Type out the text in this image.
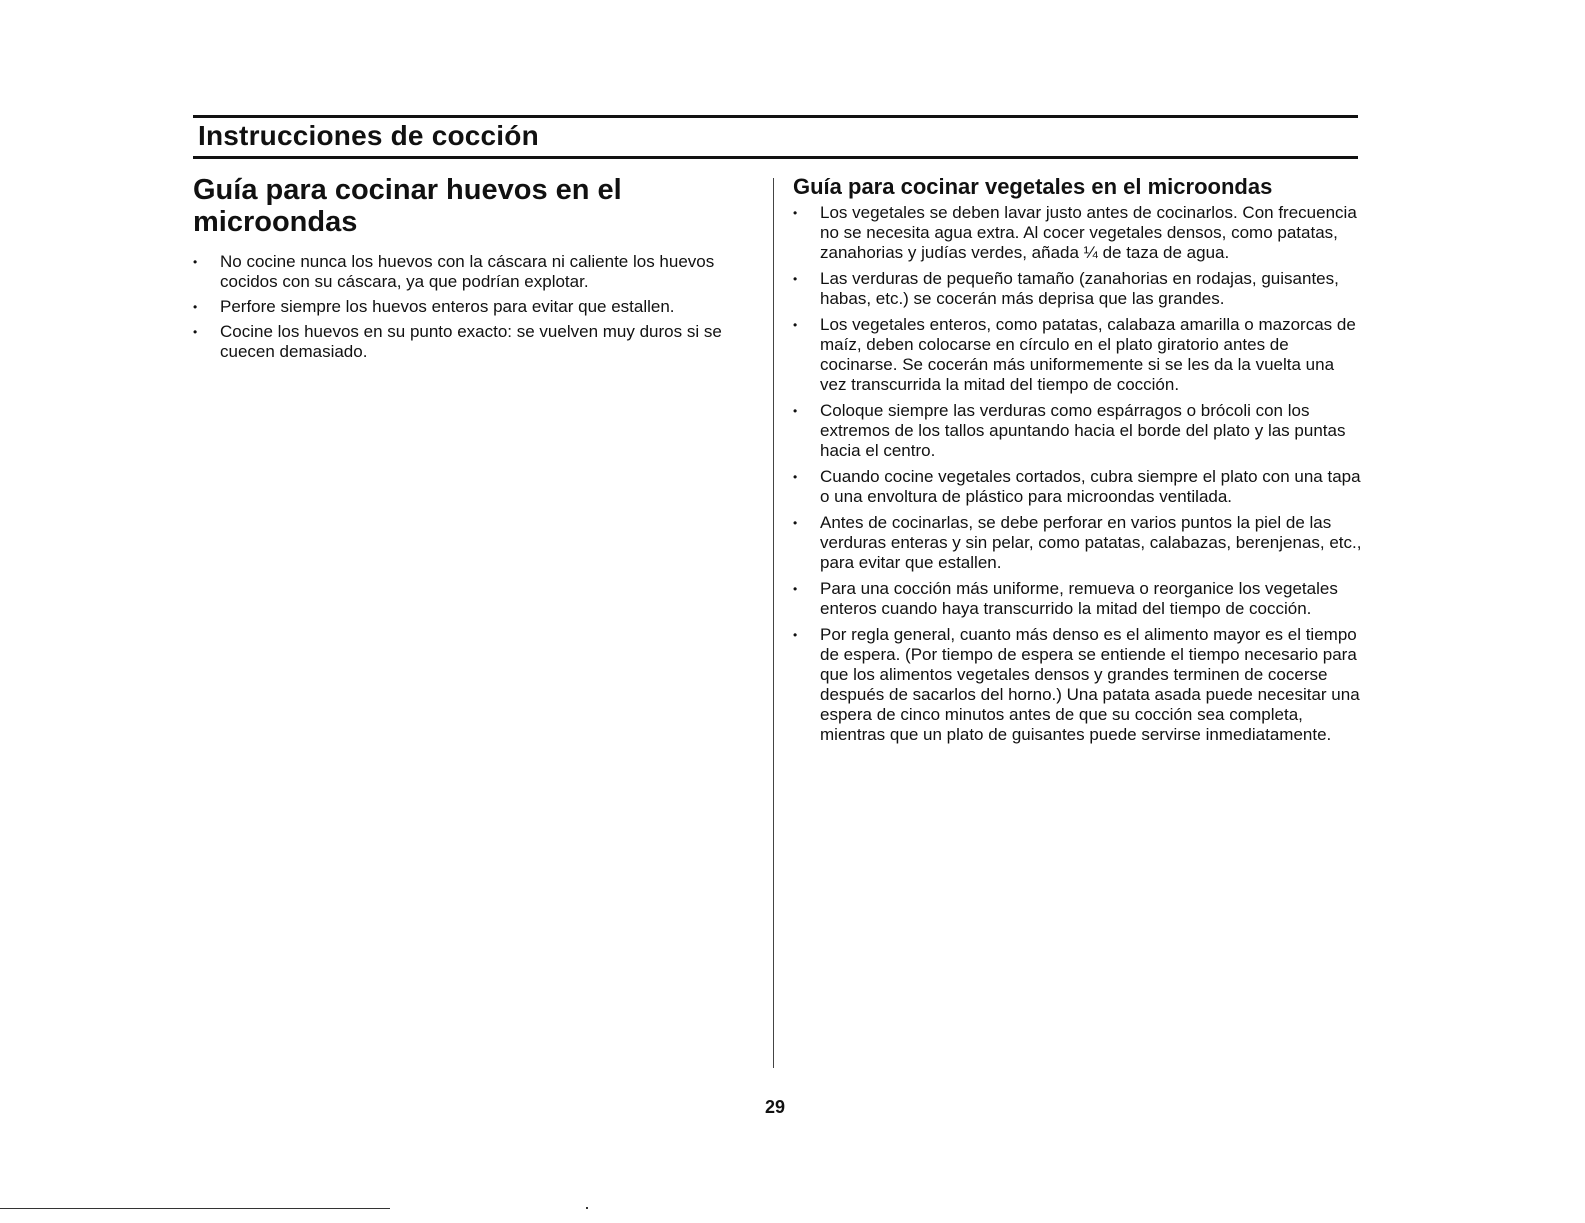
Instrucciones de cocción
Guía para cocinar huevos en el microondas
• No cocine nunca los huevos con la cáscara ni caliente los huevos cocidos con su cáscara, ya que podrían explotar.
• Perfore siempre los huevos enteros para evitar que estallen.
• Cocine los huevos en su punto exacto: se vuelven muy duros si se cuecen demasiado.
Guía para cocinar vegetales en el microondas
• Los vegetales se deben lavar justo antes de cocinarlos. Con frecuencia no se necesita agua extra. Al cocer vegetales densos, como patatas, zanahorias y judías verdes, añada ¼ de taza de agua.
• Las verduras de pequeño tamaño (zanahorias en rodajas, guisantes, habas, etc.) se cocerán más deprisa que las grandes.
• Los vegetales enteros, como patatas, calabaza amarilla o mazorcas de maíz, deben colocarse en círculo en el plato giratorio antes de cocinarse. Se cocerán más uniformemente si se les da la vuelta una vez transcurrida la mitad del tiempo de cocción.
• Coloque siempre las verduras como espárragos o brócoli con los extremos de los tallos apuntando hacia el borde del plato y las puntas hacia el centro.
• Cuando cocine vegetales cortados, cubra siempre el plato con una tapa o una envoltura de plástico para microondas ventilada.
• Antes de cocinarlas, se debe perforar en varios puntos la piel de las verduras enteras y sin pelar, como patatas, calabazas, berenjenas, etc., para evitar que estallen.
• Para una cocción más uniforme, remueva o reorganice los vegetales enteros cuando haya transcurrido la mitad del tiempo de cocción.
• Por regla general, cuanto más denso es el alimento mayor es el tiempo de espera. (Por tiempo de espera se entiende el tiempo necesario para que los alimentos vegetales densos y grandes terminen de cocerse después de sacarlos del horno.) Una patata asada puede necesitar una espera de cinco minutos antes de que su cocción sea completa, mientras que un plato de guisantes puede servirse inmediatamente.
29
